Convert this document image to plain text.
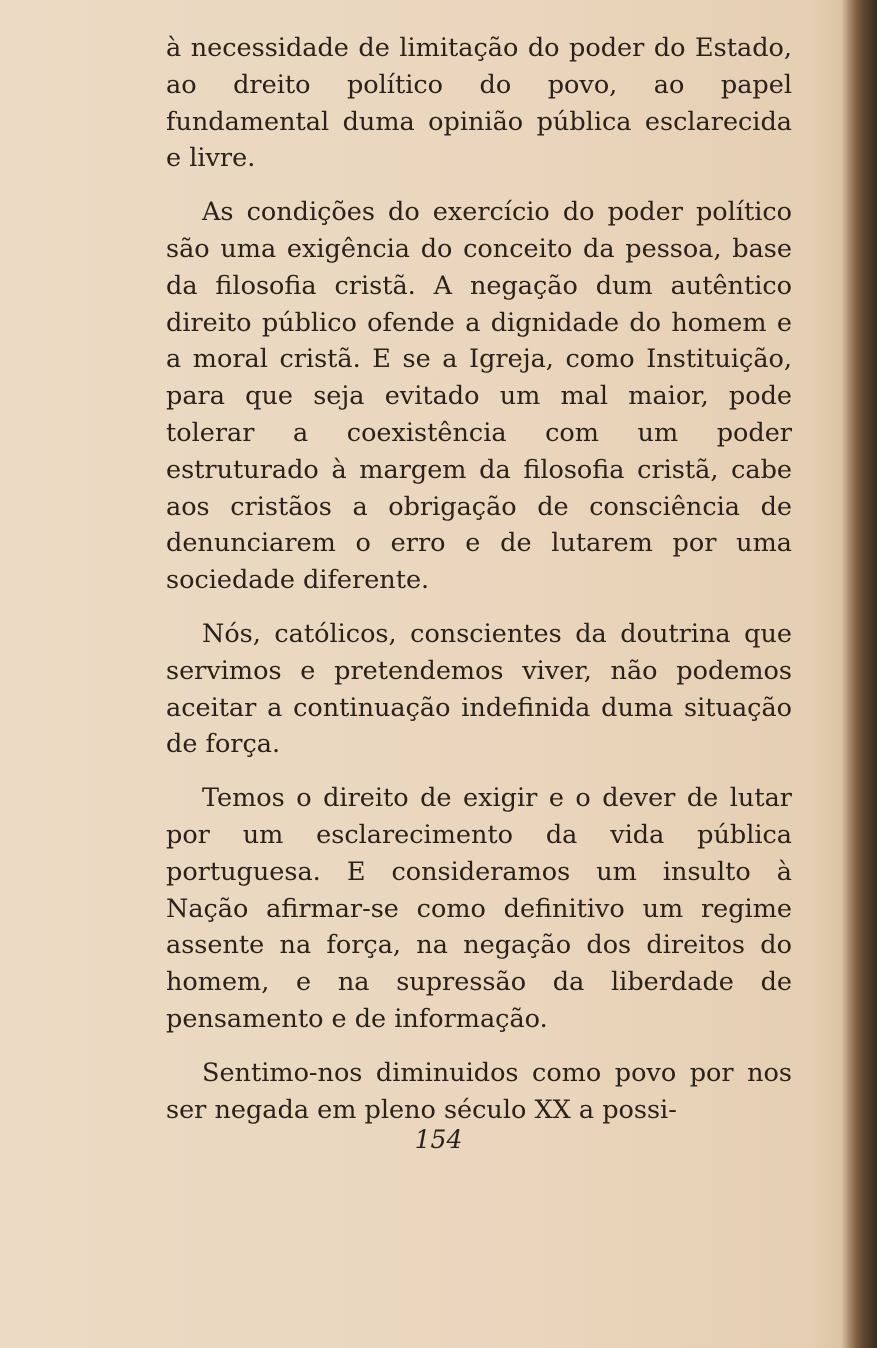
à necessidade de limitação do poder do Estado, ao dreito político do povo, ao papel fundamental duma opinião pública esclarecida e livre.

As condições do exercício do poder político são uma exigência do conceito da pessoa, base da filosofia cristã. A negação dum autêntico direito público ofende a dignidade do homem e a moral cristã. E se a Igreja, como Instituição, para que seja evitado um mal maior, pode tolerar a coexistência com um poder estruturado à margem da filosofia cristã, cabe aos cristãos a obrigação de consciência de denunciarem o erro e de lutarem por uma sociedade diferente.

Nós, católicos, conscientes da doutrina que servimos e pretendemos viver, não podemos aceitar a continuação indefinida duma situação de força.

Temos o direito de exigir e o dever de lutar por um esclarecimento da vida pública portuguesa. E consideramos um insulto à Nação afirmar-se como definitivo um regime assente na força, na negação dos direitos do homem, e na supressão da liberdade de pensamento e de informação.

Sentimo-nos diminuidos como povo por nos ser negada em pleno século XX a possi-

154
